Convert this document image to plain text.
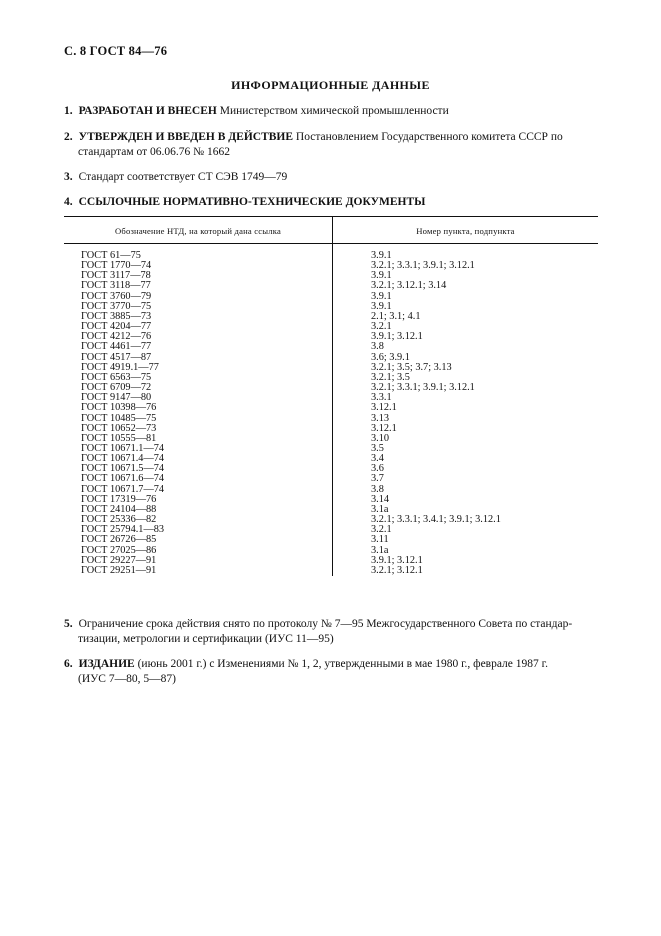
С. 8 ГОСТ 84—76
ИНФОРМАЦИОННЫЕ ДАННЫЕ
1. РАЗРАБОТАН И ВНЕСЕН Министерством химической промышленности
2. УТВЕРЖДЕН И ВВЕДЕН В ДЕЙСТВИЕ Постановлением Государственного комитета СССР по
стандартам от 06.06.76 № 1662
3. Стандарт соответствует СТ СЭВ 1749—79
4. ССЫЛОЧНЫЕ НОРМАТИВНО-ТЕХНИЧЕСКИЕ ДОКУМЕНТЫ
Обозначение НТД, на который дана ссылка	Номер пункта, подпункта
ГОСТ 61—75	3.9.1
ГОСТ 1770—74	3.2.1; 3.3.1; 3.9.1; 3.12.1
ГОСТ 3117—78	3.9.1
ГОСТ 3118—77	3.2.1; 3.12.1; 3.14
ГОСТ 3760—79	3.9.1
ГОСТ 3770—75	3.9.1
ГОСТ 3885—73	2.1; 3.1; 4.1
ГОСТ 4204—77	3.2.1
ГОСТ 4212—76	3.9.1; 3.12.1
ГОСТ 4461—77	3.8
ГОСТ 4517—87	3.6; 3.9.1
ГОСТ 4919.1—77	3.2.1; 3.5; 3.7; 3.13
ГОСТ 6563—75	3.2.1; 3.5
ГОСТ 6709—72	3.2.1; 3.3.1; 3.9.1; 3.12.1
ГОСТ 9147—80	3.3.1
ГОСТ 10398—76	3.12.1
ГОСТ 10485—75	3.13
ГОСТ 10652—73	3.12.1
ГОСТ 10555—81	3.10
ГОСТ 10671.1—74	3.5
ГОСТ 10671.4—74	3.4
ГОСТ 10671.5—74	3.6
ГОСТ 10671.6—74	3.7
ГОСТ 10671.7—74	3.8
ГОСТ 17319—76	3.14
ГОСТ 24104—88	3.1а
ГОСТ 25336—82	3.2.1; 3.3.1; 3.4.1; 3.9.1; 3.12.1
ГОСТ 25794.1—83	3.2.1
ГОСТ 26726—85	3.11
ГОСТ 27025—86	3.1а
ГОСТ 29227—91	3.9.1; 3.12.1
ГОСТ 29251—91	3.2.1; 3.12.1
5. Ограничение срока действия снято по протоколу № 7—95 Межгосударственного Совета по стандар-
тизации, метрологии и сертификации (ИУС 11—95)
6. ИЗДАНИЕ (июнь 2001 г.) с Изменениями № 1, 2, утвержденными в мае 1980 г., феврале 1987 г.
(ИУС 7—80, 5—87)
